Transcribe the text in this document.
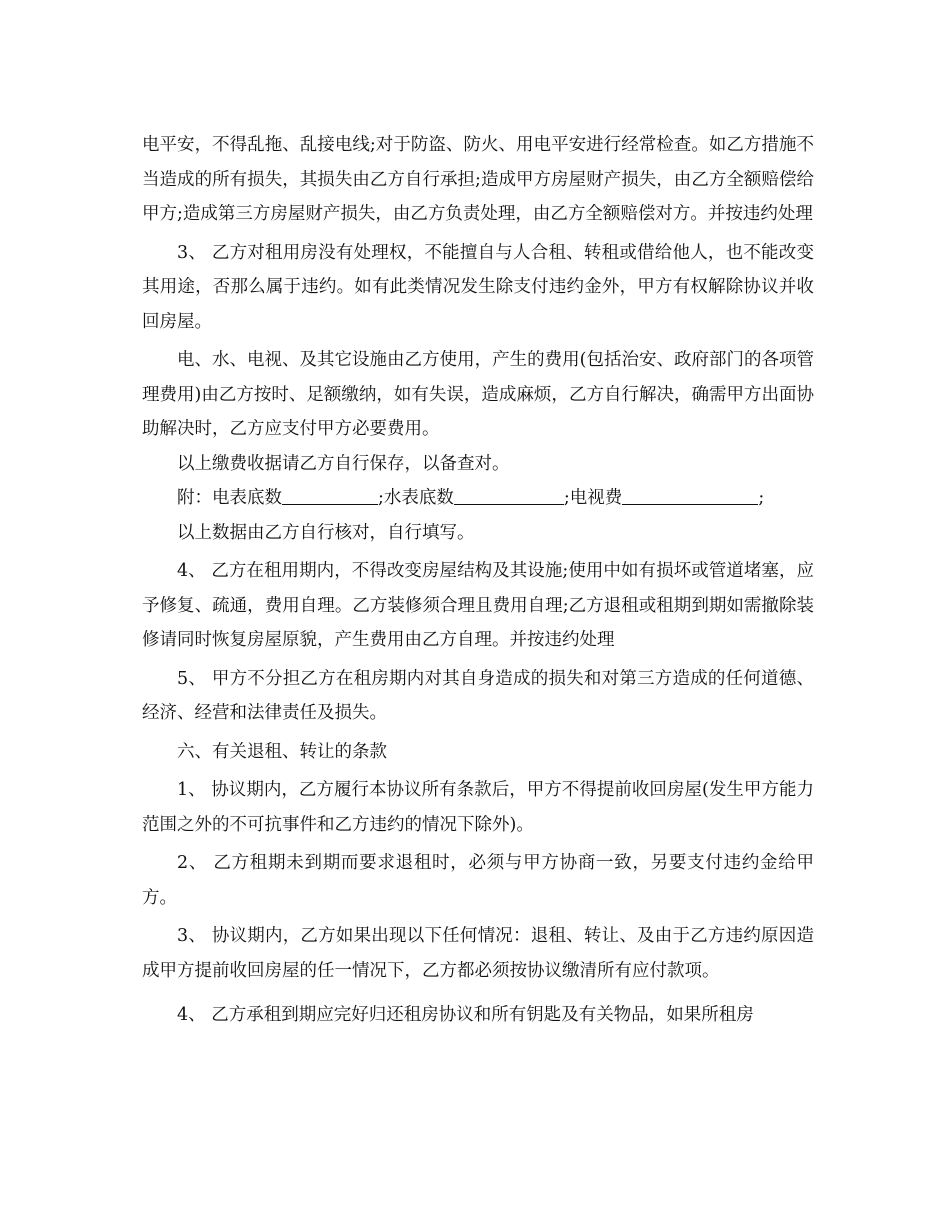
电平安，不得乱拖、乱接电线;对于防盗、防火、用电平安进行经常检查。如乙方措施不当造成的所有损失，其损失由乙方自行承担;造成甲方房屋财产损失，由乙方全额赔偿给甲方;造成第三方房屋财产损失，由乙方负责处理，由乙方全额赔偿对方。并按违约处理

3、 乙方对租用房没有处理权，不能擅自与人合租、转租或借给他人，也不能改变其用途，否那么属于违约。如有此类情况发生除支付违约金外，甲方有权解除协议并收回房屋。

电、水、电视、及其它设施由乙方使用，产生的费用(包括治安、政府部门的各项管理费用)由乙方按时、足额缴纳，如有失误，造成麻烦，乙方自行解决，确需甲方出面协助解决时，乙方应支付甲方必要费用。

以上缴费收据请乙方自行保存，以备查对。

附：电表底数	;水表底数	;电视费	;

以上数据由乙方自行核对，自行填写。

4、 乙方在租用期内，不得改变房屋结构及其设施;使用中如有损坏或管道堵塞，应予修复、疏通，费用自理。乙方装修须合理且费用自理;乙方退租或租期到期如需撤除装修请同时恢复房屋原貌，产生费用由乙方自理。并按违约处理

5、 甲方不分担乙方在租房期内对其自身造成的损失和对第三方造成的任何道德、经济、经营和法律责任及损失。

六、有关退租、转让的条款

1、 协议期内，乙方履行本协议所有条款后，甲方不得提前收回房屋(发生甲方能力范围之外的不可抗事件和乙方违约的情况下除外)。

2、 乙方租期未到期而要求退租时，必须与甲方协商一致，另要支付违约金给甲方。

3、 协议期内，乙方如果出现以下任何情况：退租、转让、及由于乙方违约原因造成甲方提前收回房屋的任一情况下，乙方都必须按协议缴清所有应付款项。

4、 乙方承租到期应完好归还租房协议和所有钥匙及有关物品，如果所租房
